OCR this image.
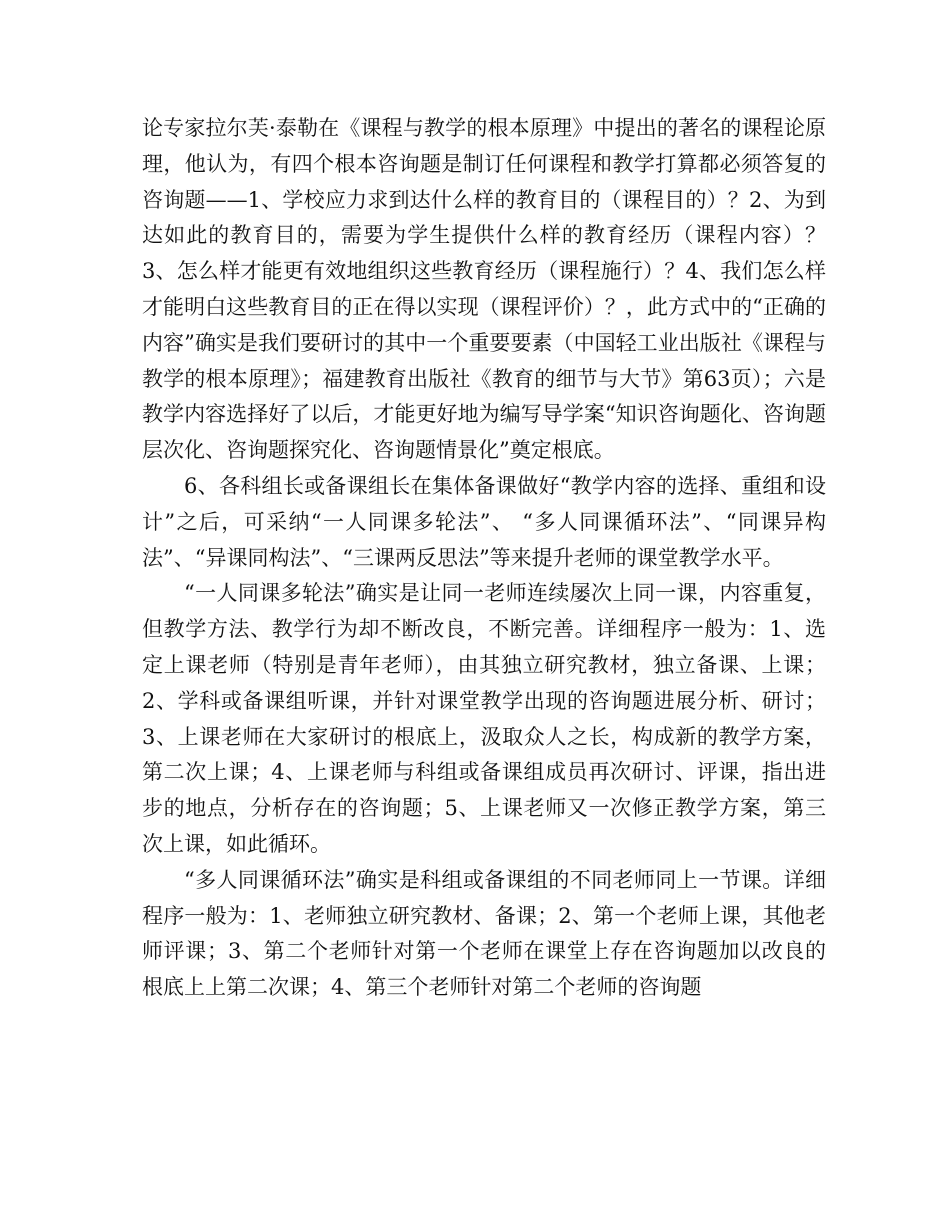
论专家拉尔芙·泰勒在《课程与教学的根本原理》中提出的著名的课程论原理，他认为，有四个根本咨询题是制订任何课程和教学打算都必须答复的咨询题——1、学校应力求到达什么样的教育目的（课程目的）？2、为到达如此的教育目的，需要为学生提供什么样的教育经历（课程内容）？3、怎么样才能更有效地组织这些教育经历（课程施行）？4、我们怎么样才能明白这些教育目的正在得以实现（课程评价）？，此方式中的“正确的内容”确实是我们要研讨的其中一个重要要素（中国轻工业出版社《课程与教学的根本原理》；福建教育出版社《教育的细节与大节》第63页）；六是教学内容选择好了以后，才能更好地为编写导学案“知识咨询题化、咨询题层次化、咨询题探究化、咨询题情景化”奠定根底。

6、各科组长或备课组长在集体备课做好“教学内容的选择、重组和设计”之后，可采纳“一人同课多轮法”、 “多人同课循环法”、“同课异构法”、“异课同构法”、“三课两反思法”等来提升老师的课堂教学水平。

“一人同课多轮法”确实是让同一老师连续屡次上同一课，内容重复，但教学方法、教学行为却不断改良，不断完善。详细程序一般为：1、选定上课老师（特别是青年老师），由其独立研究教材，独立备课、上课；2、学科或备课组听课，并针对课堂教学出现的咨询题进展分析、研讨；3、上课老师在大家研讨的根底上，汲取众人之长，构成新的教学方案，第二次上课；4、上课老师与科组或备课组成员再次研讨、评课，指出进步的地点，分析存在的咨询题；5、上课老师又一次修正教学方案，第三次上课，如此循环。

“多人同课循环法”确实是科组或备课组的不同老师同上一节课。详细程序一般为：1、老师独立研究教材、备课；2、第一个老师上课，其他老师评课；3、第二个老师针对第一个老师在课堂上存在咨询题加以改良的根底上上第二次课；4、第三个老师针对第二个老师的咨询题
